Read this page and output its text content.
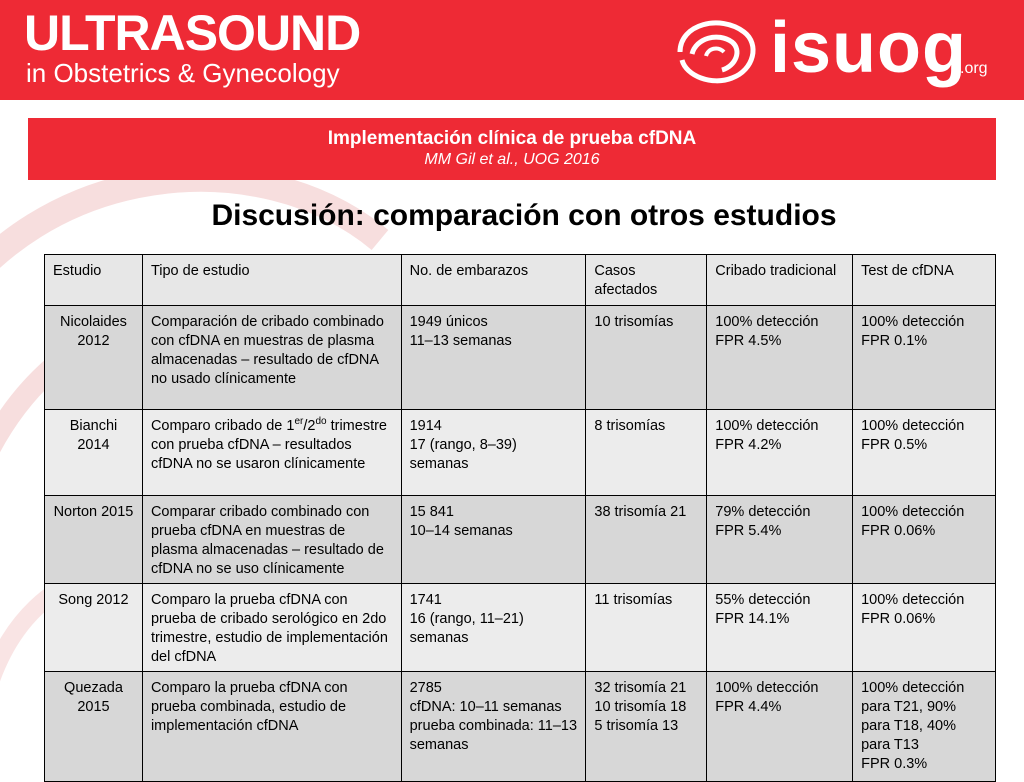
ULTRASOUND
in Obstetrics & Gynecology	isuog
.org
Implementación clínica de prueba cfDNA
MM Gil et al., UOG 2016
Discusión: comparación con otros estudios
Estudio	Tipo de estudio	No. de embarazos	Casos afectados	Cribado tradicional	Test de cfDNA
Nicolaides 2012	Comparación de cribado combinado con cfDNA en muestras de plasma almacenadas – resultado de cfDNA no usado clínicamente	1949 únicos
11–13 semanas	10 trisomías	100% detección
FPR 4.5%	100% detección
FPR 0.1%

Bianchi 2014	Comparo cribado de $1er/2^{do}$ trimestre con prueba cfDNA – resultados cfDNA no se usaron clínicamente	1914
17 (rango, 8–39) semanas	8 trisomías	100% detección
FPR 4.2%	100% detección
FPR 0.5%

Norton 2015	Comparar cribado combinado con prueba cfDNA en muestras de plasma almacenadas – resultado de cfDNA no se uso clínicamente	15 841
10–14 semanas	38 trisomía 21	79% detección
FPR 5.4%	100% detección
FPR 0.06%

Song 2012	Comparo la prueba cfDNA con prueba de cribado serológico en 2do trimestre, estudio de implementación del cfDNA	1741
16 (rango, 11–21) semanas	11 trisomías	55% detección
FPR 14.1%	100% detección
FPR 0.06%

Quezada 2015	Comparo la prueba cfDNA con prueba combinada, estudio de implementación cfDNA	2785
cfDNA: 10–11 semanas
prueba combinada: 11–13 semanas	32 trisomía 21
10 trisomía 18
5 trisomía 13	100% detección
FPR 4.4%	100% detección para T21, 90% para T18, 40% para T13
FPR 0.3%
